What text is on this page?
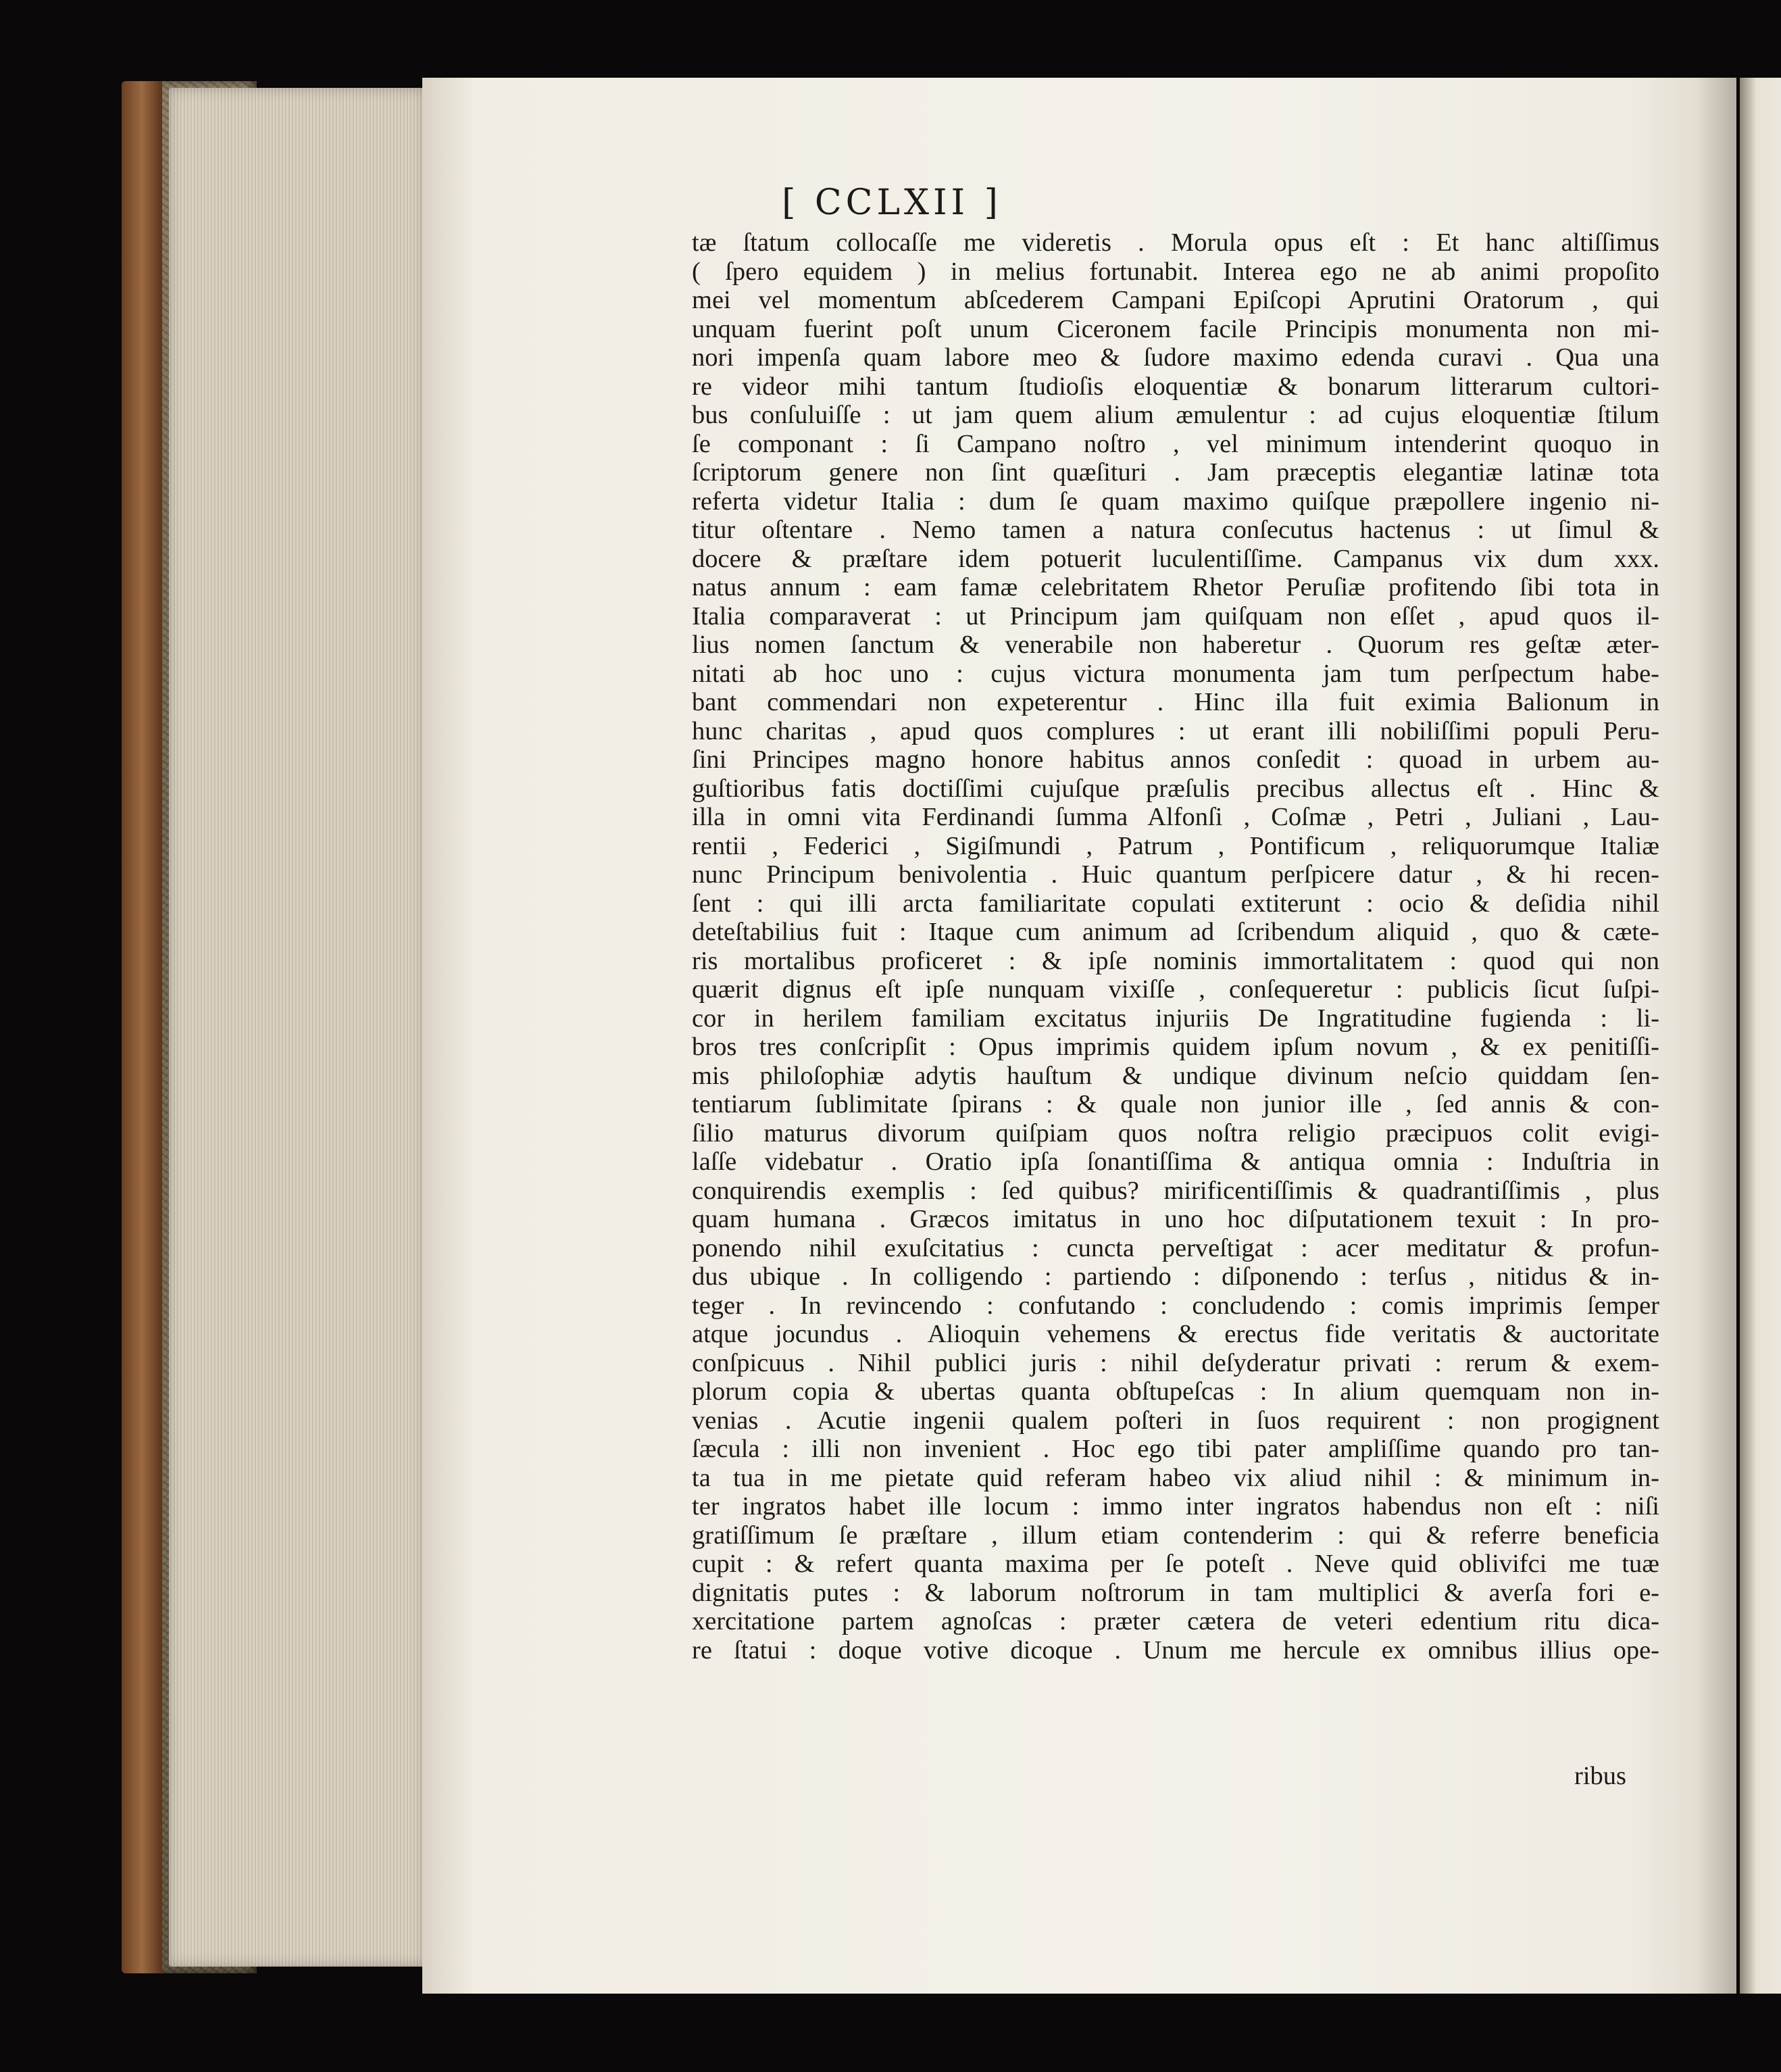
[ CCLXII ]
tæ ſtatum collocaſſe me videretis . Morula opus eſt : Et hanc altiſſimus
( ſpero equidem ) in melius fortunabit. Interea ego ne ab animi propoſito
mei vel momentum abſcederem Campani Epiſcopi Aprutini Oratorum , qui
unquam fuerint poſt unum Ciceronem facile Principis monumenta non mi-
nori impenſa quam labore meo & ſudore maximo edenda curavi . Qua una
re videor mihi tantum ſtudioſis eloquentiæ & bonarum litterarum cultori-
bus conſuluiſſe : ut jam quem alium æmulentur : ad cujus eloquentiæ ſtilum
ſe componant : ſi Campano noſtro , vel minimum intenderint quoquo in
ſcriptorum genere non ſint quæſituri . Jam præceptis elegantiæ latinæ tota
referta videtur Italia : dum ſe quam maximo quiſque præpollere ingenio ni-
titur oſtentare . Nemo tamen a natura conſecutus hactenus : ut ſimul &
docere & præſtare idem potuerit luculentiſſime. Campanus vix dum xxx.
natus annum : eam famæ celebritatem Rhetor Peruſiæ profitendo ſibi tota in
Italia comparaverat : ut Principum jam quiſquam non eſſet , apud quos il-
lius nomen ſanctum & venerabile non haberetur . Quorum res geſtæ æter-
nitati ab hoc uno : cujus victura monumenta jam tum perſpectum habe-
bant commendari non expeterentur . Hinc illa fuit eximia Balionum in
hunc charitas , apud quos complures : ut erant illi nobiliſſimi populi Peru-
ſini Principes magno honore habitus annos conſedit : quoad in urbem au-
guſtioribus fatis doctiſſimi cujuſque præſulis precibus allectus eſt . Hinc &
illa in omni vita Ferdinandi ſumma Alfonſi , Coſmæ , Petri , Juliani , Lau-
rentii , Federici , Sigiſmundi , Patrum , Pontificum , reliquorumque Italiæ
nunc Principum benivolentia . Huic quantum perſpicere datur , & hi recen-
ſent : qui illi arcta familiaritate copulati extiterunt : ocio & deſidia nihil
deteſtabilius fuit : Itaque cum animum ad ſcribendum aliquid , quo & cæte-
ris mortalibus proficeret : & ipſe nominis immortalitatem : quod qui non
quærit dignus eſt ipſe nunquam vixiſſe , conſequeretur : publicis ſicut ſuſpi-
cor in herilem familiam excitatus injuriis De Ingratitudine fugienda : li-
bros tres conſcripſit : Opus imprimis quidem ipſum novum , & ex penitiſſi-
mis philoſophiæ adytis hauſtum & undique divinum neſcio quiddam ſen-
tentiarum ſublimitate ſpirans : & quale non junior ille , ſed annis & con-
ſilio maturus divorum quiſpiam quos noſtra religio præcipuos colit evigi-
laſſe videbatur . Oratio ipſa ſonantiſſima & antiqua omnia : Induſtria in
conquirendis exemplis : ſed quibus? mirificentiſſimis & quadrantiſſimis , plus
quam humana . Græcos imitatus in uno hoc diſputationem texuit : In pro-
ponendo nihil exuſcitatius : cuncta perveſtigat : acer meditatur & profun-
dus ubique . In colligendo : partiendo : diſponendo : terſus , nitidus & in-
teger . In revincendo : confutando : concludendo : comis imprimis ſemper
atque jocundus . Alioquin vehemens & erectus fide veritatis & auctoritate
conſpicuus . Nihil publici juris : nihil deſyderatur privati : rerum & exem-
plorum copia & ubertas quanta obſtupeſcas : In alium quemquam non in-
venias . Acutie ingenii qualem poſteri in ſuos requirent : non progignent
ſæcula : illi non invenient . Hoc ego tibi pater ampliſſime quando pro tan-
ta tua in me pietate quid referam habeo vix aliud nihil : & minimum in-
ter ingratos habet ille locum : immo inter ingratos habendus non eſt : niſi
gratiſſimum ſe præſtare , illum etiam contenderim : qui & referre beneficia
cupit : & refert quanta maxima per ſe poteſt . Neve quid oblivifci me tuæ
dignitatis putes : & laborum noſtrorum in tam multiplici & averſa fori e-
xercitatione partem agnoſcas : præter cætera de veteri edentium ritu dica-
re ſtatui : doque votive dicoque . Unum me hercule ex omnibus illius ope-
ribus
